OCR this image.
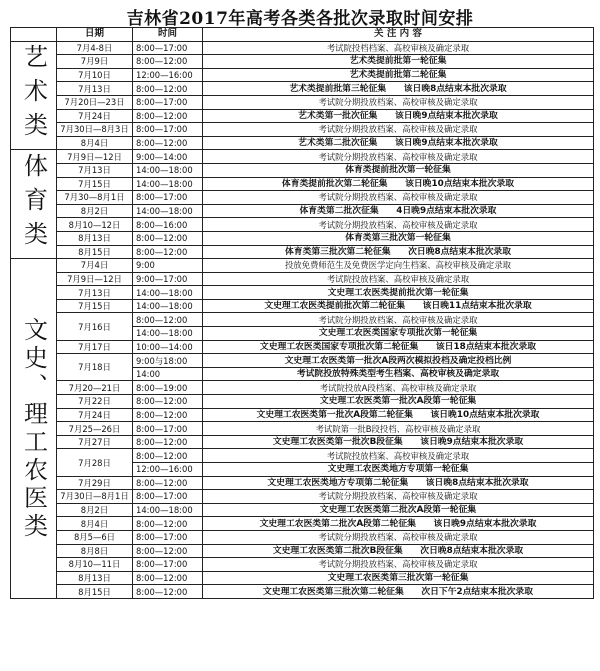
吉林省2017年高考各类各批次录取时间安排
	日期	时间	关 注 内 容

艺术类	7月4-8日	8:00—17:00	考试院投档档案、高校审核及确定录取
	7月9日	8:00—12:00	艺术类提前批第一轮征集
	7月10日	12:00—16:00	艺术类提前批第二轮征集
	7月13日	8:00—12:00	艺术类提前批第三轮征集　　该日晚8点结束本批次录取
	7月20日—23日	8:00—17:00	考试院分期投放档案、高校审核及确定录取
	7月24日	8:00—12:00	艺术类第一批次征集　　该日晚9点结束本批次录取
	7月30日—8月3日	8:00—17:00	考试院分期投放档案、高校审核及确定录取
	8月4日	8:00—12:00	艺术类第二批次征集　　该日晚9点结束本批次录取

体育类	7月9日—12日	9:00—14:00	考试院分期投放档案、高校审核及确定录取
	7月13日	14:00—18:00	体育类提前批次第一轮征集
	7月15日	14:00—18:00	体育类提前批次第二轮征集　　该日晚10点结束本批次录取
	7月30—8月1日	8:00—17:00	考试院分期投放档案、高校审核及确定录取
	8月2日	14:00—18:00	体育类第二批次征集　　4日晚9点结束本批次录取
	8月10—12日	8:00—16:00	考试院分期投放档案、高校审核及确定录取
	8月13日	8:00—12:00	体育类第三批次第一轮征集
	8月15日	8:00—12:00	体育类第三批次第二轮征集　　次日晚8点结束本批次录取

文史、理工农医类	7月4日	9:00	投放免费师范生及免费医学定向生档案、高校审核及确定录取
	7月9日—12日	9:00—17:00	考试院投放档案、高校审核及确定录取
	7月13日	14:00—18:00	文史理工农医类提前批次第一轮征集
	7月15日	14:00—18:00	文史理工农医类提前批次第二轮征集　　该日晚11点结束本批次录取
	7月16日	8:00—12:00	考试院分期投放档案、高校审核及确定录取
		14:00—18:00	文史理工农医类国家专项批次第一轮征集
	7月17日	10:00—14:00	文史理工农医类国家专项批次第二轮征集　　该日18点结束本批次录取
	7月18日	9:00与18:00	文史理工农医类第一批次A段两次模拟投档及确定投档比例
		14:00	考试院投放特殊类型考生档案、高校审核及确定录取
	7月20—21日	8:00—19:00	考试院投放A段档案、高校审核及确定录取
	7月22日	8:00—12:00	文史理工农医类第一批次A段第一轮征集
	7月24日	8:00—12:00	文史理工农医类第一批次A段第二轮征集　　该日晚10点结束本批次录取
	7月25—26日	8:00—17:00	考试院第一批B段投档、高校审核及确定录取
	7月27日	8:00—12:00	文史理工农医类第一批次B段征集　　该日晚9点结束本批次录取
	7月28日	8:00—12:00	考试院投放档案、高校审核及确定录取
		12:00—16:00	文史理工农医类地方专项第一轮征集
	7月29日	8:00—12:00	文史理工农医类地方专项第二轮征集　　该日晚8点结束本批次录取
	7月30日—8月1日	8:00—17:00	考试院分期投放档案、高校审核及确定录取
	8月2日	14:00—18:00	文史理工农医类第二批次A段第一轮征集
	8月4日	8:00—12:00	文史理工农医类第二批次A段第二轮征集　　该日晚9点结束本批次录取
	8月5—6日	8:00—17:00	考试院分期投放档案、高校审核及确定录取
	8月8日	8:00—12:00	文史理工农医类第二批次B段征集　　次日晚8点结束本批次录取
	8月10—11日	8:00—17:00	考试院分期投放档案、高校审核及确定录取
	8月13日	8:00—12:00	文史理工农医类第三批次第一轮征集
	8月15日	8:00—12:00	文史理工农医类第三批次第二轮征集　　次日下午2点结束本批次录取
